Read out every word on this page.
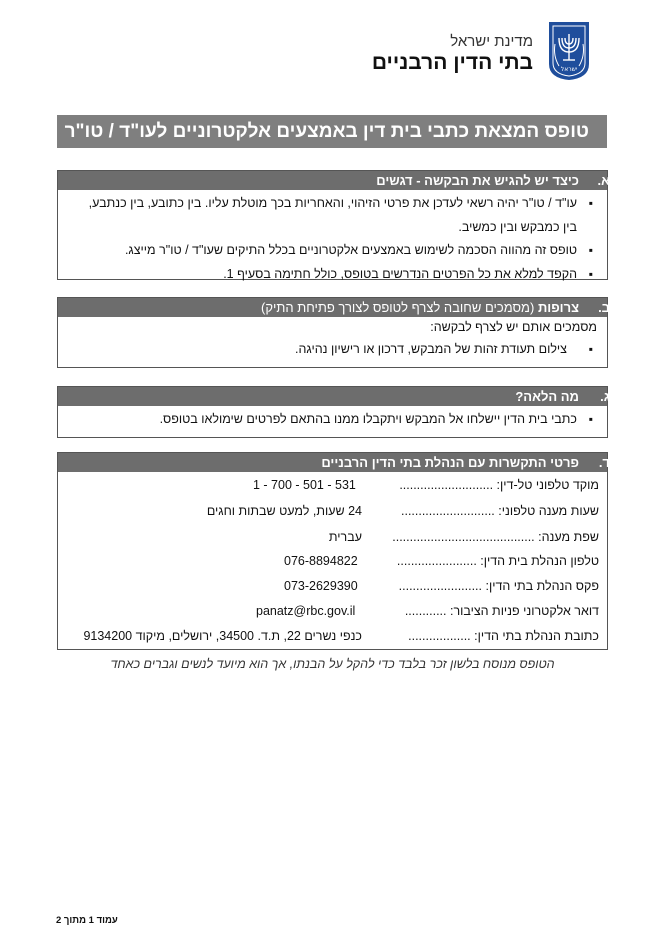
ישראל
מדינת ישראל
בתי הדין הרבניים
טופס המצאת כתבי בית דין באמצעים אלקטרוניים לעו"ד / טו"ר
א.
כיצד יש להגיש את הבקשה - דגשים
▪ עו"ד / טו"ר יהיה רשאי לעדכן את פרטי הזיהוי, והאחריות בכך מוטלת עליו. בין כתובע, בין כנתבע,
בין כמבקש ובין כמשיב.
▪ טופס זה מהווה הסכמה לשימוש באמצעים אלקטרוניים בכלל התיקים שעו"ד / טו"ר מייצג.
▪ הקפד למלא את כל הפרטים הנדרשים בטופס, כולל חתימה בסעיף 1.
ב.
צרופות (מסמכים שחובה לצרף לטופס לצורך פתיחת התיק)
מסמכים אותם יש לצרף לבקשה:
▪ צילום תעודת זהות של המבקש, דרכון או רישיון נהיגה.
ג.
מה הלאה?
▪ כתבי בית הדין יישלחו אל המבקש ויתקבלו ממנו בהתאם לפרטים שימולאו בטופס.
ד.
פרטי התקשרות עם הנהלת בתי הדין הרבניים
מוקד טלפוני טל-דין: ...........................
1 - 700 - 501 - 531
שעות מענה טלפוני: ...........................
24 שעות, למעט שבתות וחגים
שפת מענה: .........................................
עברית
טלפון הנהלת בית הדין: .......................
076-8894822
פקס הנהלת בתי הדין: ........................
073-2629390
דואר אלקטרוני פניות הציבור: ............
panatz@rbc.gov.il
כתובת הנהלת בתי הדין: ..................
כנפי נשרים 22, ת.ד. 34500, ירושלים, מיקוד 9134200
הטופס מנוסח בלשון זכר בלבד כדי להקל על הבנתו, אך הוא מיועד לנשים וגברים כאחד
עמוד 1 מתוך 2
